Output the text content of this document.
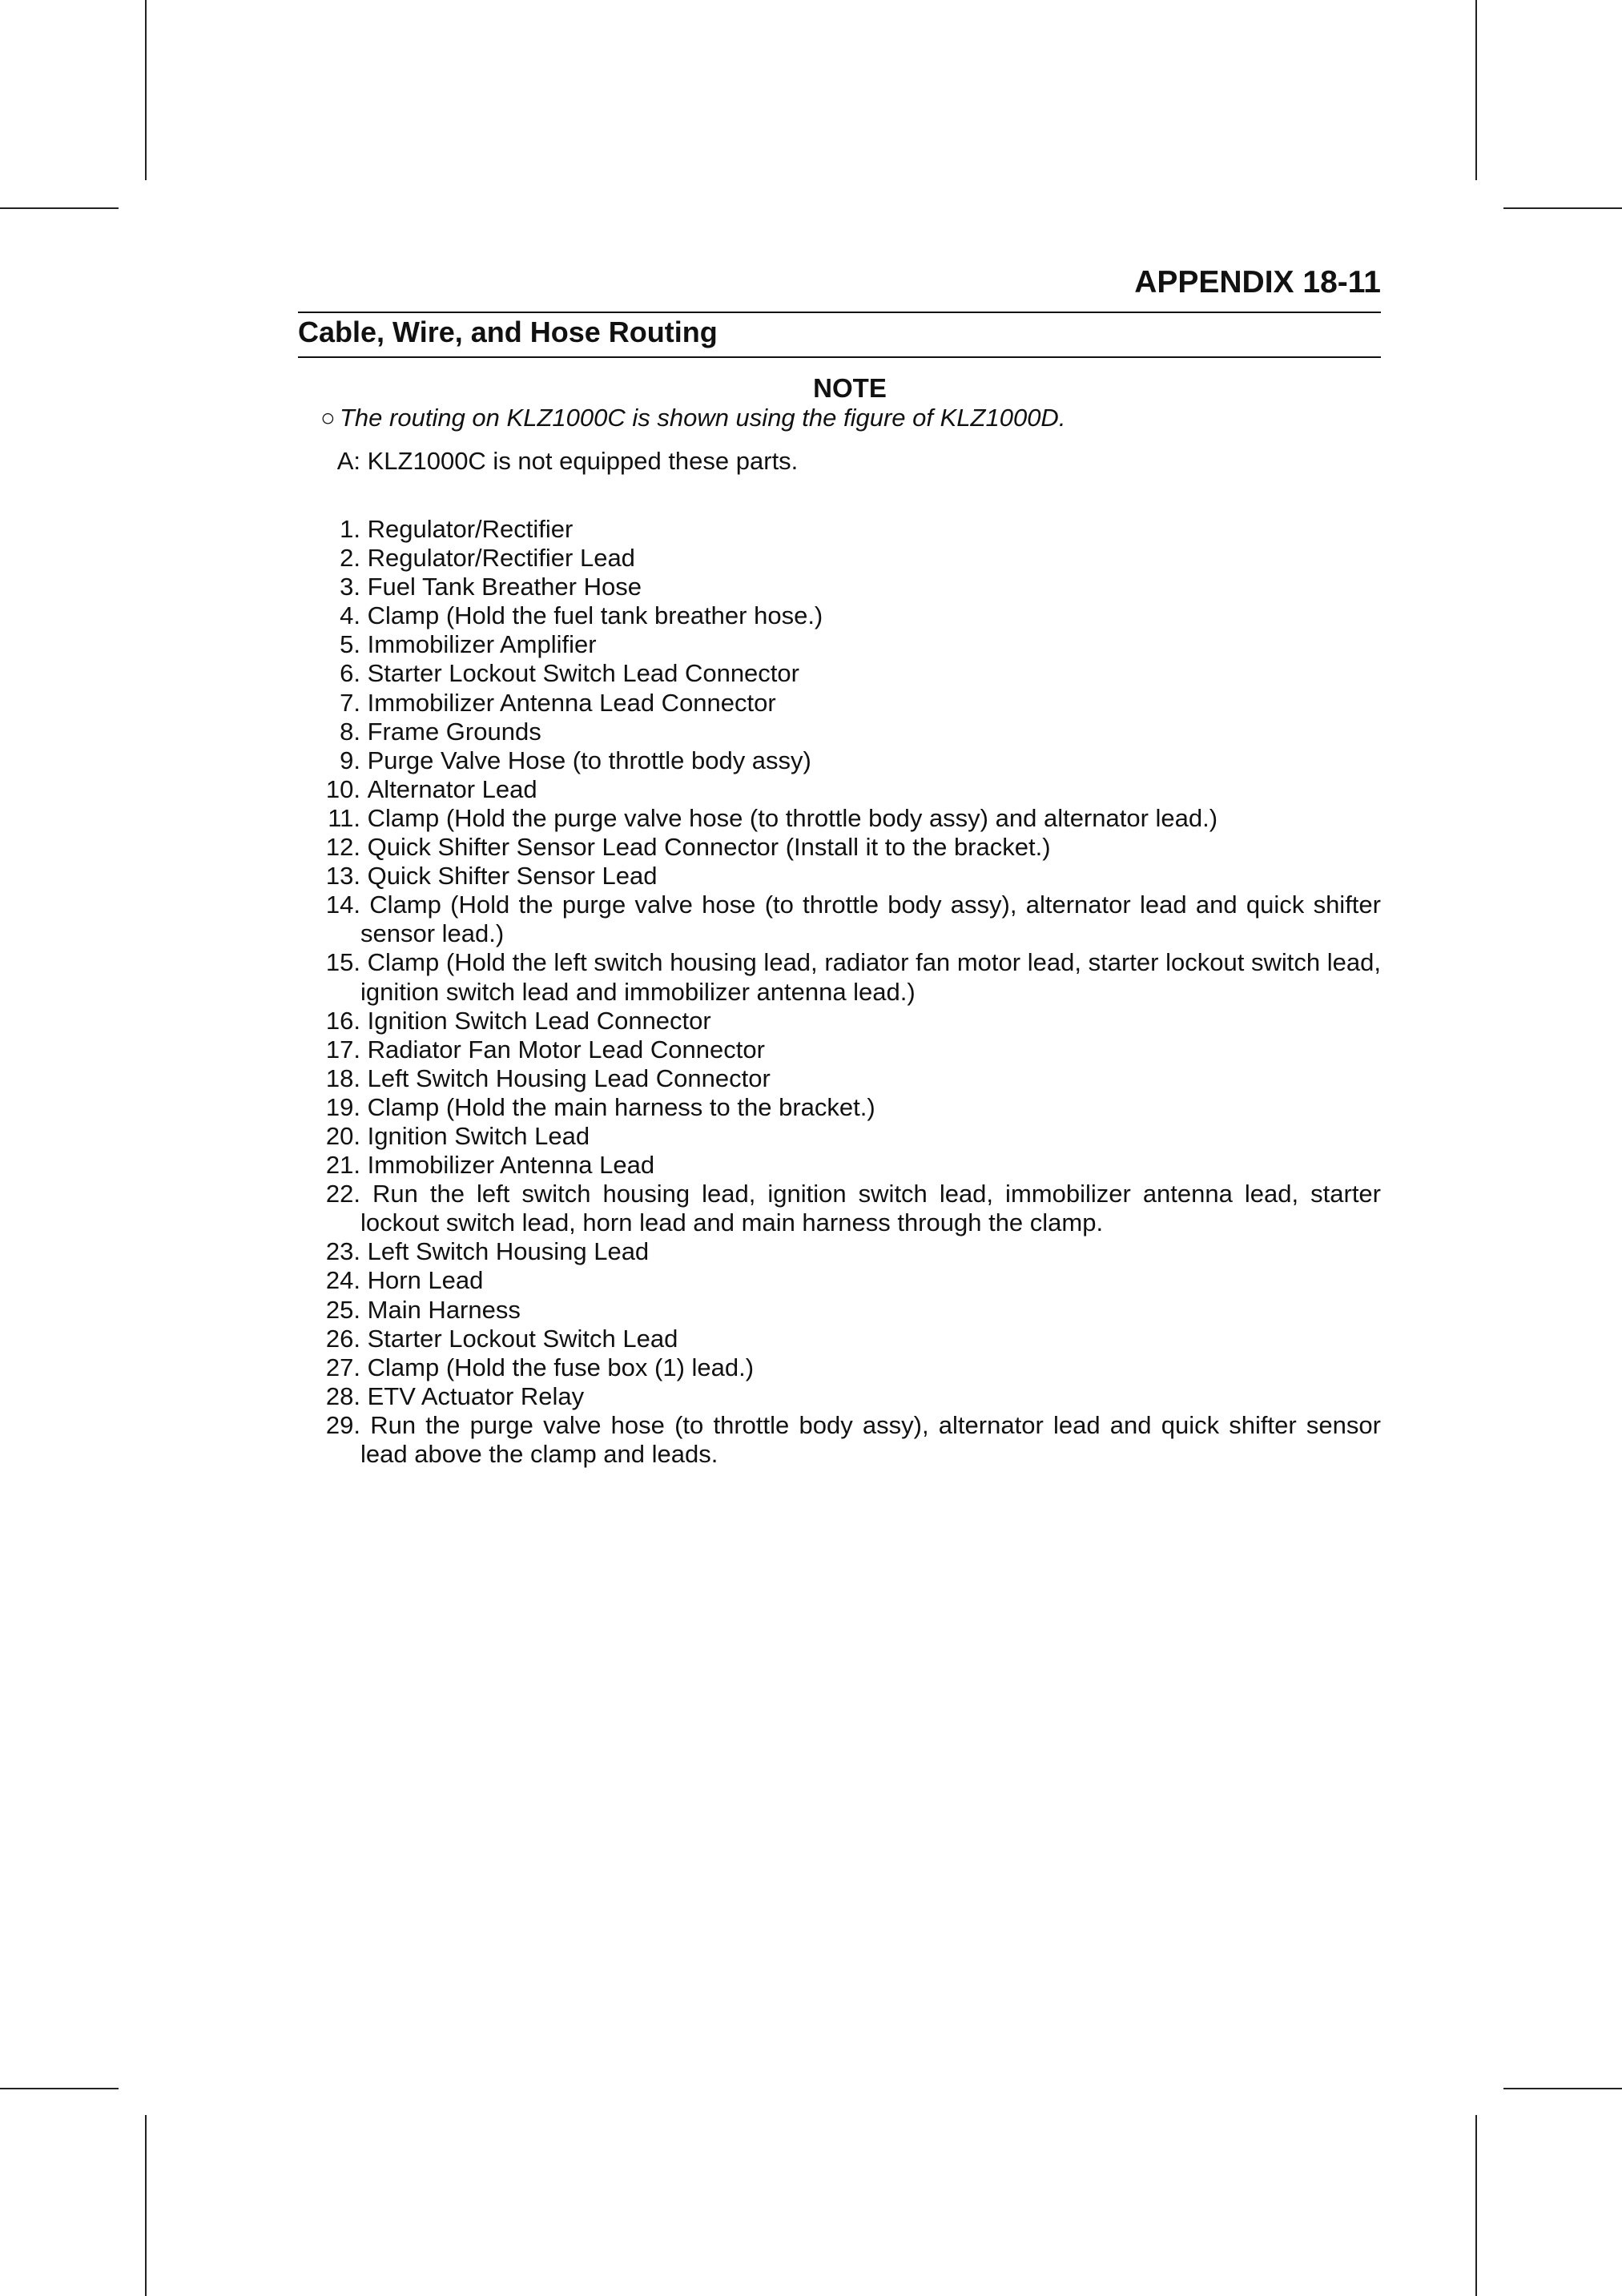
APPENDIX 18-11
Cable, Wire, and Hose Routing
NOTE
○ The routing on KLZ1000C is shown using the figure of KLZ1000D.
A: KLZ1000C is not equipped these parts.
1. Regulator/Rectifier
2. Regulator/Rectifier Lead
3. Fuel Tank Breather Hose
4. Clamp (Hold the fuel tank breather hose.)
5. Immobilizer Amplifier
6. Starter Lockout Switch Lead Connector
7. Immobilizer Antenna Lead Connector
8. Frame Grounds
9. Purge Valve Hose (to throttle body assy)
10. Alternator Lead
11. Clamp (Hold the purge valve hose (to throttle body assy) and alternator lead.)
12. Quick Shifter Sensor Lead Connector (Install it to the bracket.)
13. Quick Shifter Sensor Lead
14. Clamp (Hold the purge valve hose (to throttle body assy), alternator lead and quick shifter sensor lead.)
15. Clamp (Hold the left switch housing lead, radiator fan motor lead, starter lockout switch lead, ignition switch lead and immobilizer antenna lead.)
16. Ignition Switch Lead Connector
17. Radiator Fan Motor Lead Connector
18. Left Switch Housing Lead Connector
19. Clamp (Hold the main harness to the bracket.)
20. Ignition Switch Lead
21. Immobilizer Antenna Lead
22. Run the left switch housing lead, ignition switch lead, immobilizer antenna lead, starter lockout switch lead, horn lead and main harness through the clamp.
23. Left Switch Housing Lead
24. Horn Lead
25. Main Harness
26. Starter Lockout Switch Lead
27. Clamp (Hold the fuse box (1) lead.)
28. ETV Actuator Relay
29. Run the purge valve hose (to throttle body assy), alternator lead and quick shifter sensor lead above the clamp and leads.
